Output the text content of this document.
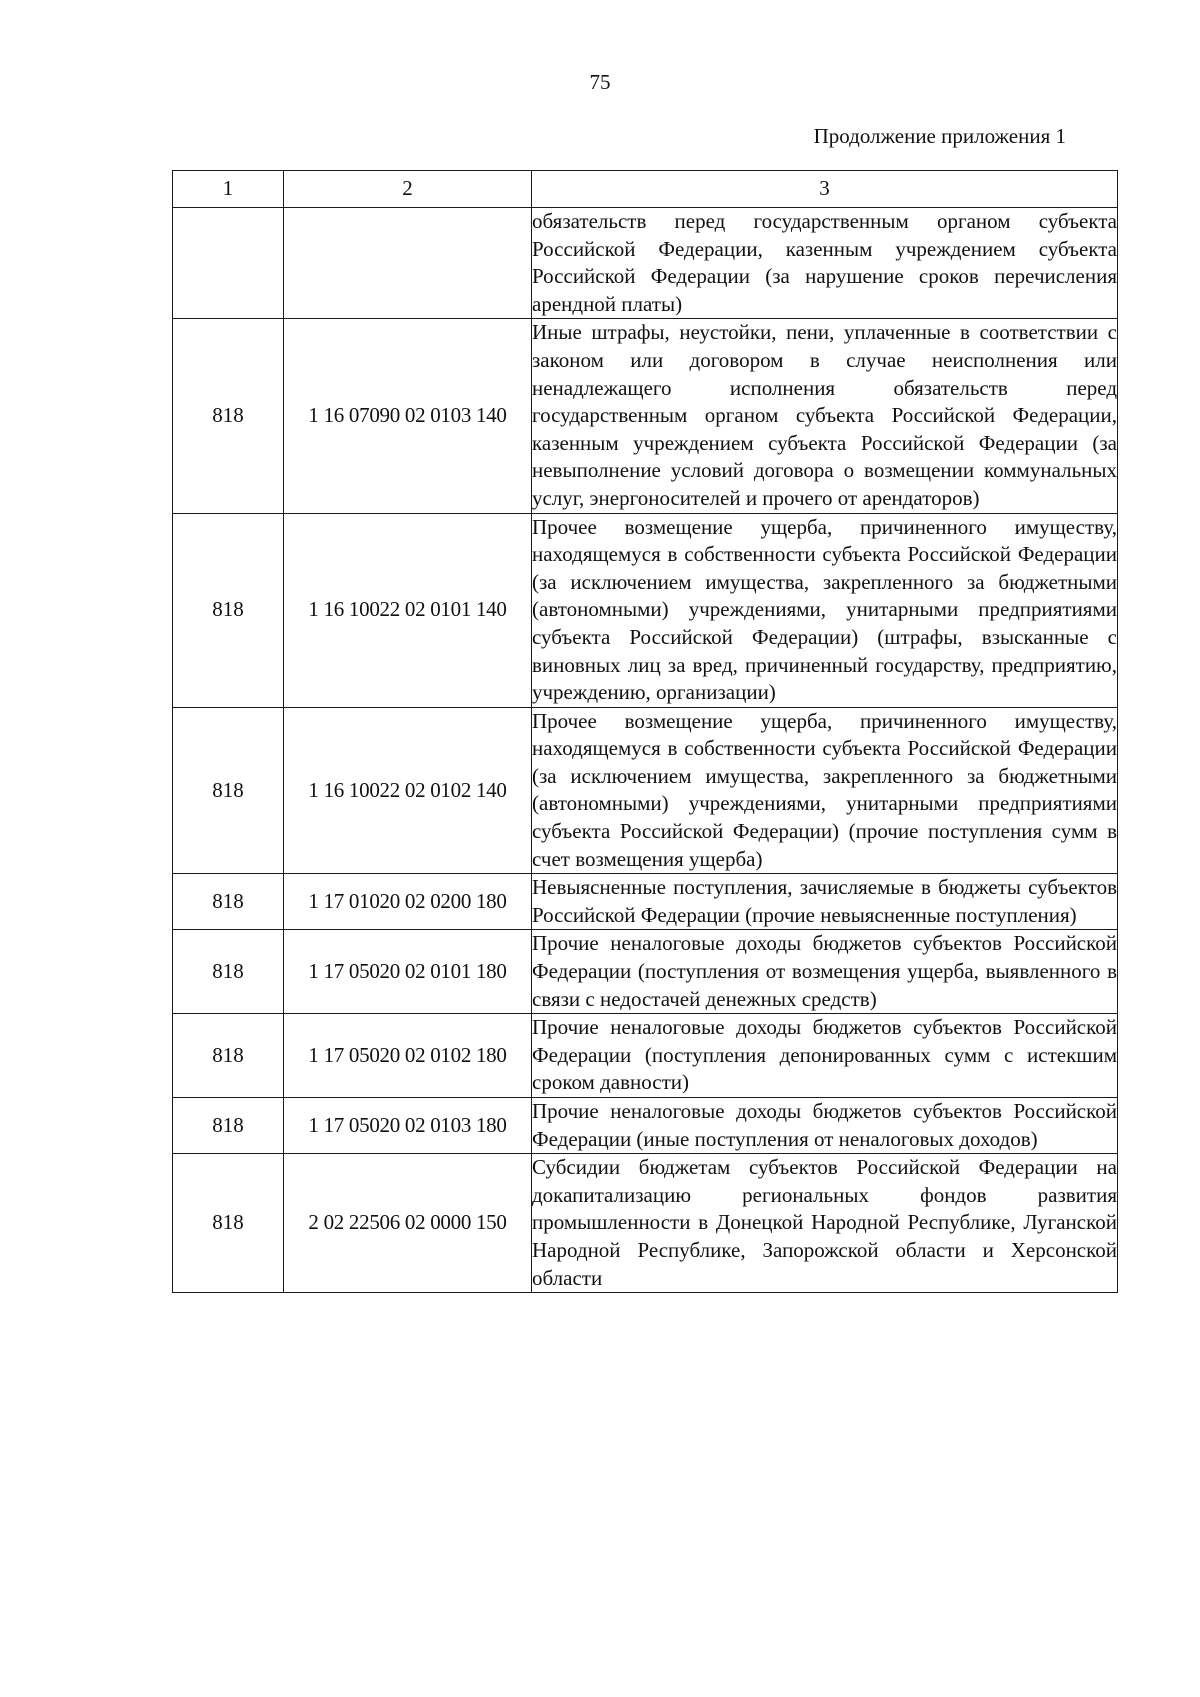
75
Продолжение приложения 1
1	2	3
		обязательств перед государственным органом субъекта Российской Федерации, казенным учреждением субъекта Российской Федерации (за нарушение сроков перечисления арендной платы)
818	1 16 07090 02 0103 140	Иные штрафы, неустойки, пени, уплаченные в соответствии с законом или договором в случае неисполнения или ненадлежащего исполнения обязательств перед государственным органом субъекта Российской Федерации, казенным учреждением субъекта Российской Федерации (за невыполнение условий договора о возмещении коммунальных услуг, энергоносителей и прочего от арендаторов)
818	1 16 10022 02 0101 140	Прочее возмещение ущерба, причиненного имуществу, находящемуся в собственности субъекта Российской Федерации (за исключением имущества, закрепленного за бюджетными (автономными) учреждениями, унитарными предприятиями субъекта Российской Федерации) (штрафы, взысканные с виновных лиц за вред, причиненный государству, предприятию, учреждению, организации)
818	1 16 10022 02 0102 140	Прочее возмещение ущерба, причиненного имуществу, находящемуся в собственности субъекта Российской Федерации (за исключением имущества, закрепленного за бюджетными (автономными) учреждениями, унитарными предприятиями субъекта Российской Федерации) (прочие поступления сумм в счет возмещения ущерба)
818	1 17 01020 02 0200 180	Невыясненные поступления, зачисляемые в бюджеты субъектов Российской Федерации (прочие невыясненные поступления)
818	1 17 05020 02 0101 180	Прочие неналоговые доходы бюджетов субъектов Российской Федерации (поступления от возмещения ущерба, выявленного в связи с недостачей денежных средств)
818	1 17 05020 02 0102 180	Прочие неналоговые доходы бюджетов субъектов Российской Федерации (поступления депонированных сумм с истекшим сроком давности)
818	1 17 05020 02 0103 180	Прочие неналоговые доходы бюджетов субъектов Российской Федерации (иные поступления от неналоговых доходов)
818	2 02 22506 02 0000 150	Субсидии бюджетам субъектов Российской Федерации на докапитализацию региональных фондов развития промышленности в Донецкой Народной Республике, Луганской Народной Республике, Запорожской области и Херсонской области
